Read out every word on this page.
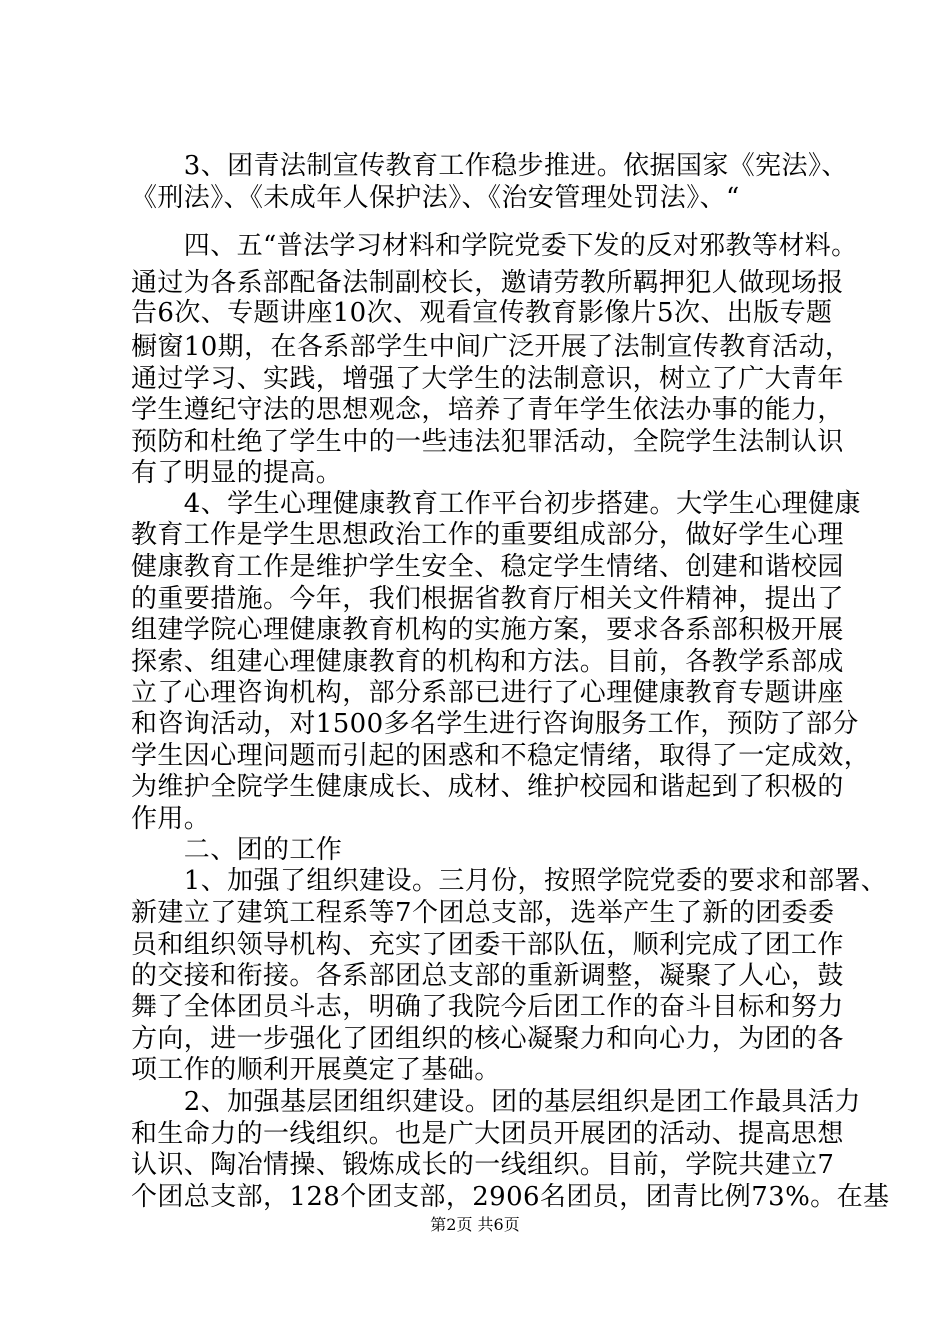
　　3、团青法制宣传教育工作稳步推进。依据国家《宪法》、
《刑法》、《未成年人保护法》、《治安管理处罚法》、“
　　四、五“普法学习材料和学院党委下发的反对邪教等材料。
通过为各系部配备法制副校长，邀请劳教所羁押犯人做现场报
告6次、专题讲座10次、观看宣传教育影像片5次、出版专题
橱窗10期，在各系部学生中间广泛开展了法制宣传教育活动，
通过学习、实践，增强了大学生的法制意识，树立了广大青年
学生遵纪守法的思想观念，培养了青年学生依法办事的能力，
预防和杜绝了学生中的一些违法犯罪活动，全院学生法制认识
有了明显的提高。
　　4、学生心理健康教育工作平台初步搭建。大学生心理健康
教育工作是学生思想政治工作的重要组成部分，做好学生心理
健康教育工作是维护学生安全、稳定学生情绪、创建和谐校园
的重要措施。今年，我们根据省教育厅相关文件精神，提出了
组建学院心理健康教育机构的实施方案，要求各系部积极开展
探索、组建心理健康教育的机构和方法。目前，各教学系部成
立了心理咨询机构，部分系部已进行了心理健康教育专题讲座
和咨询活动，对1500多名学生进行咨询服务工作，预防了部分
学生因心理问题而引起的困惑和不稳定情绪，取得了一定成效，
为维护全院学生健康成长、成材、维护校园和谐起到了积极的
作用。
　　二、团的工作
　　1、加强了组织建设。三月份，按照学院党委的要求和部署、
新建立了建筑工程系等7个团总支部，选举产生了新的团委委
员和组织领导机构、充实了团委干部队伍，顺利完成了团工作
的交接和衔接。各系部团总支部的重新调整，凝聚了人心，鼓
舞了全体团员斗志，明确了我院今后团工作的奋斗目标和努力
方向，进一步强化了团组织的核心凝聚力和向心力，为团的各
项工作的顺利开展奠定了基础。
　　2、加强基层团组织建设。团的基层组织是团工作最具活力
和生命力的一线组织。也是广大团员开展团的活动、提高思想
认识、陶冶情操、锻炼成长的一线组织。目前，学院共建立7
个团总支部，128个团支部，2906名团员，团青比例73%。在基
第2页 共6页
